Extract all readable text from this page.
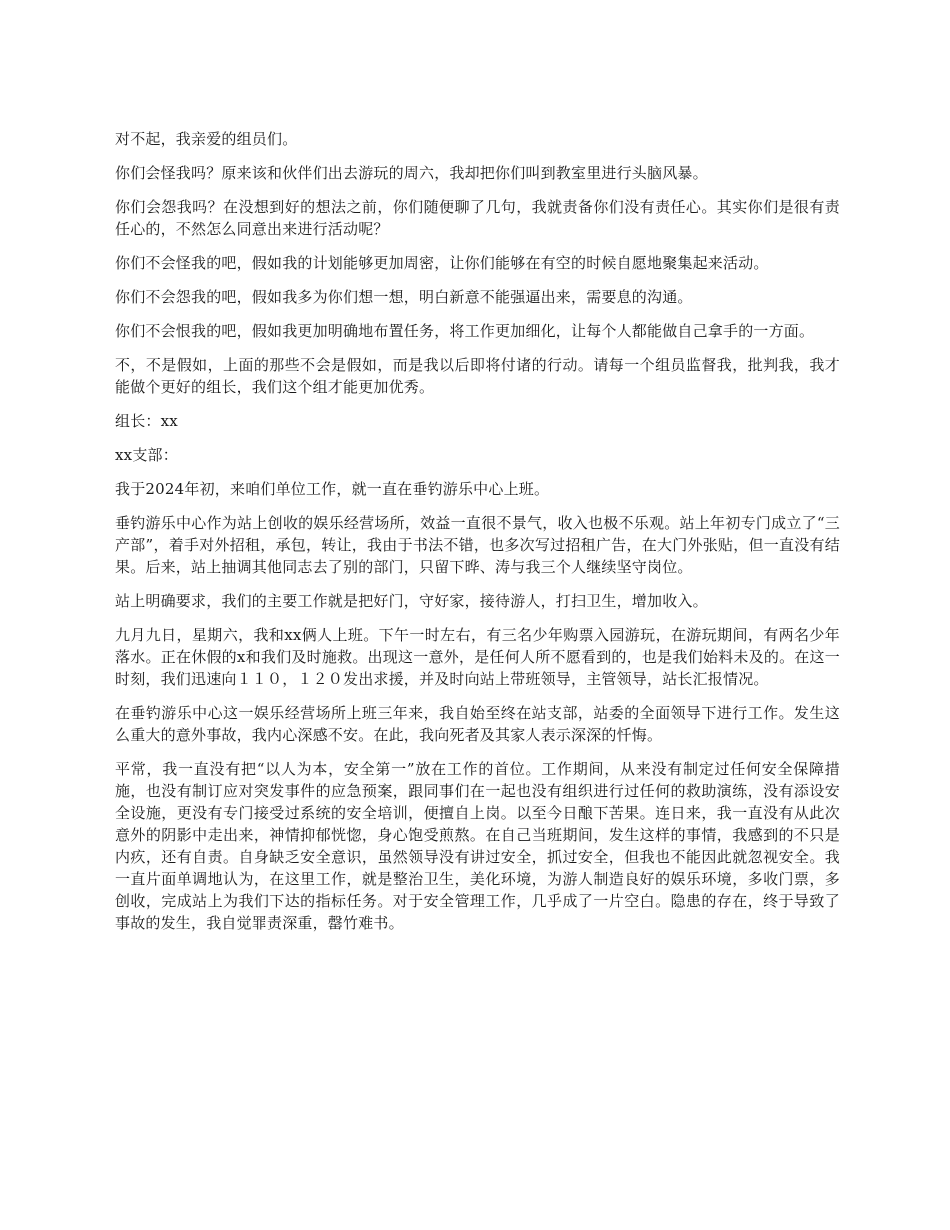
对不起，我亲爱的组员们。

你们会怪我吗？原来该和伙伴们出去游玩的周六，我却把你们叫到教室里进行头脑风暴。

你们会怨我吗？在没想到好的想法之前，你们随便聊了几句，我就责备你们没有责任心。其实你们是很有责任心的，不然怎么同意出来进行活动呢？

你们不会怪我的吧，假如我的计划能够更加周密，让你们能够在有空的时候自愿地聚集起来活动。

你们不会怨我的吧，假如我多为你们想一想，明白新意不能强逼出来，需要息的沟通。

你们不会恨我的吧，假如我更加明确地布置任务，将工作更加细化，让每个人都能做自己拿手的一方面。

不，不是假如，上面的那些不会是假如，而是我以后即将付诸的行动。请每一个组员监督我，批判我，我才能做个更好的组长，我们这个组才能更加优秀。

组长：xx

xx支部：

我于2024年初，来咱们单位工作，就一直在垂钓游乐中心上班。

垂钓游乐中心作为站上创收的娱乐经营场所，效益一直很不景气，收入也极不乐观。站上年初专门成立了“三产部”，着手对外招租，承包，转让，我由于书法不错，也多次写过招租广告，在大门外张贴，但一直没有结果。后来，站上抽调其他同志去了别的部门，只留下晔、涛与我三个人继续坚守岗位。

站上明确要求，我们的主要工作就是把好门，守好家，接待游人，打扫卫生，增加收入。

九月九日，星期六，我和xx俩人上班。下午一时左右，有三名少年购票入园游玩，在游玩期间，有两名少年落水。正在休假的x和我们及时施救。出现这一意外，是任何人所不愿看到的，也是我们始料未及的。在这一时刻，我们迅速向１１０，１２０发出求援，并及时向站上带班领导，主管领导，站长汇报情况。

在垂钓游乐中心这一娱乐经营场所上班三年来，我自始至终在站支部，站委的全面领导下进行工作。发生这么重大的意外事故，我内心深感不安。在此，我向死者及其家人表示深深的忏悔。

平常，我一直没有把“以人为本，安全第一”放在工作的首位。工作期间，从来没有制定过任何安全保障措施，也没有制订应对突发事件的应急预案，跟同事们在一起也没有组织进行过任何的救助演练，没有添设安全设施，更没有专门接受过系统的安全培训，便擅自上岗。以至今日酿下苦果。连日来，我一直没有从此次意外的阴影中走出来，神情抑郁恍惚，身心饱受煎熬。在自己当班期间，发生这样的事情，我感到的不只是内疚，还有自责。自身缺乏安全意识，虽然领导没有讲过安全，抓过安全，但我也不能因此就忽视安全。我一直片面单调地认为，在这里工作，就是整治卫生，美化环境，为游人制造良好的娱乐环境，多收门票，多创收，完成站上为我们下达的指标任务。对于安全管理工作，几乎成了一片空白。隐患的存在，终于导致了事故的发生，我自觉罪责深重，罄竹难书。
